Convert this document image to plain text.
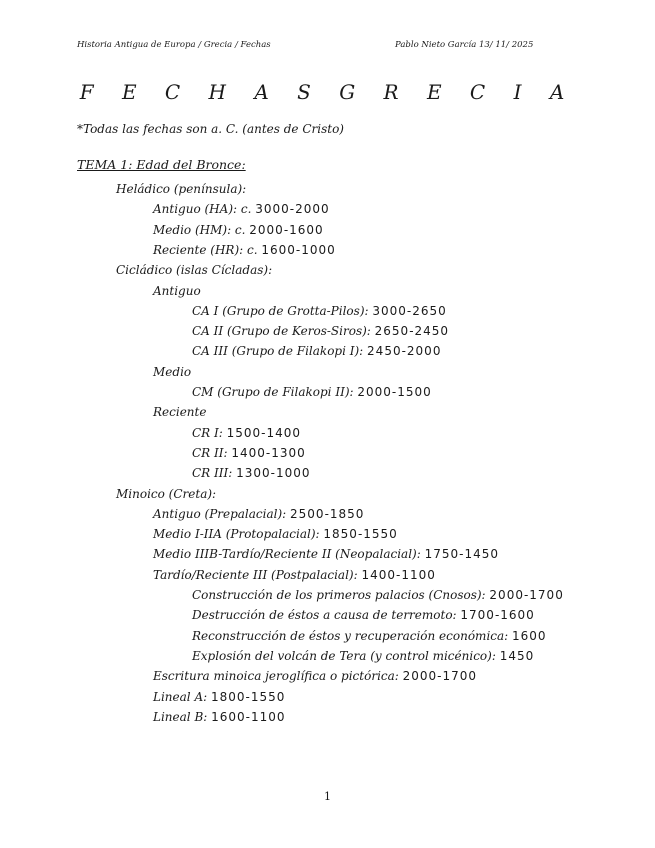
Historia Antigua de Europa / Grecia / Fechas	Pablo Nieto García 13/ 11/ 2025
F E C H A S G R E C I A
*Todas las fechas son a. C. (antes de Cristo)
TEMA 1: Edad del Bronce:
Heládico (península):
Antiguo (HA): c. 3000-2000
Medio (HM): c. 2000-1600
Reciente (HR): c. 1600-1000
Cicládico (islas Cícladas):
Antiguo
CA I (Grupo de Grotta-Pilos): 3000-2650
CA II (Grupo de Keros-Siros): 2650-2450
CA III (Grupo de Filakopi I): 2450-2000
Medio
CM (Grupo de Filakopi II): 2000-1500
Reciente
CR I: 1500-1400
CR II: 1400-1300
CR III: 1300-1000
Minoico (Creta):
Antiguo (Prepalacial): 2500-1850
Medio I-IIA (Protopalacial): 1850-1550
Medio IIIB-Tardío/Reciente II (Neopalacial): 1750-1450
Tardío/Reciente III (Postpalacial): 1400-1100
Construcción de los primeros palacios (Cnosos): 2000-1700
Destrucción de éstos a causa de terremoto: 1700-1600
Reconstrucción de éstos y recuperación económica: 1600
Explosión del volcán de Tera (y control micénico): 1450
Escritura minoica jeroglífica o pictórica: 2000-1700
Lineal A: 1800-1550
Lineal B: 1600-1100
1
